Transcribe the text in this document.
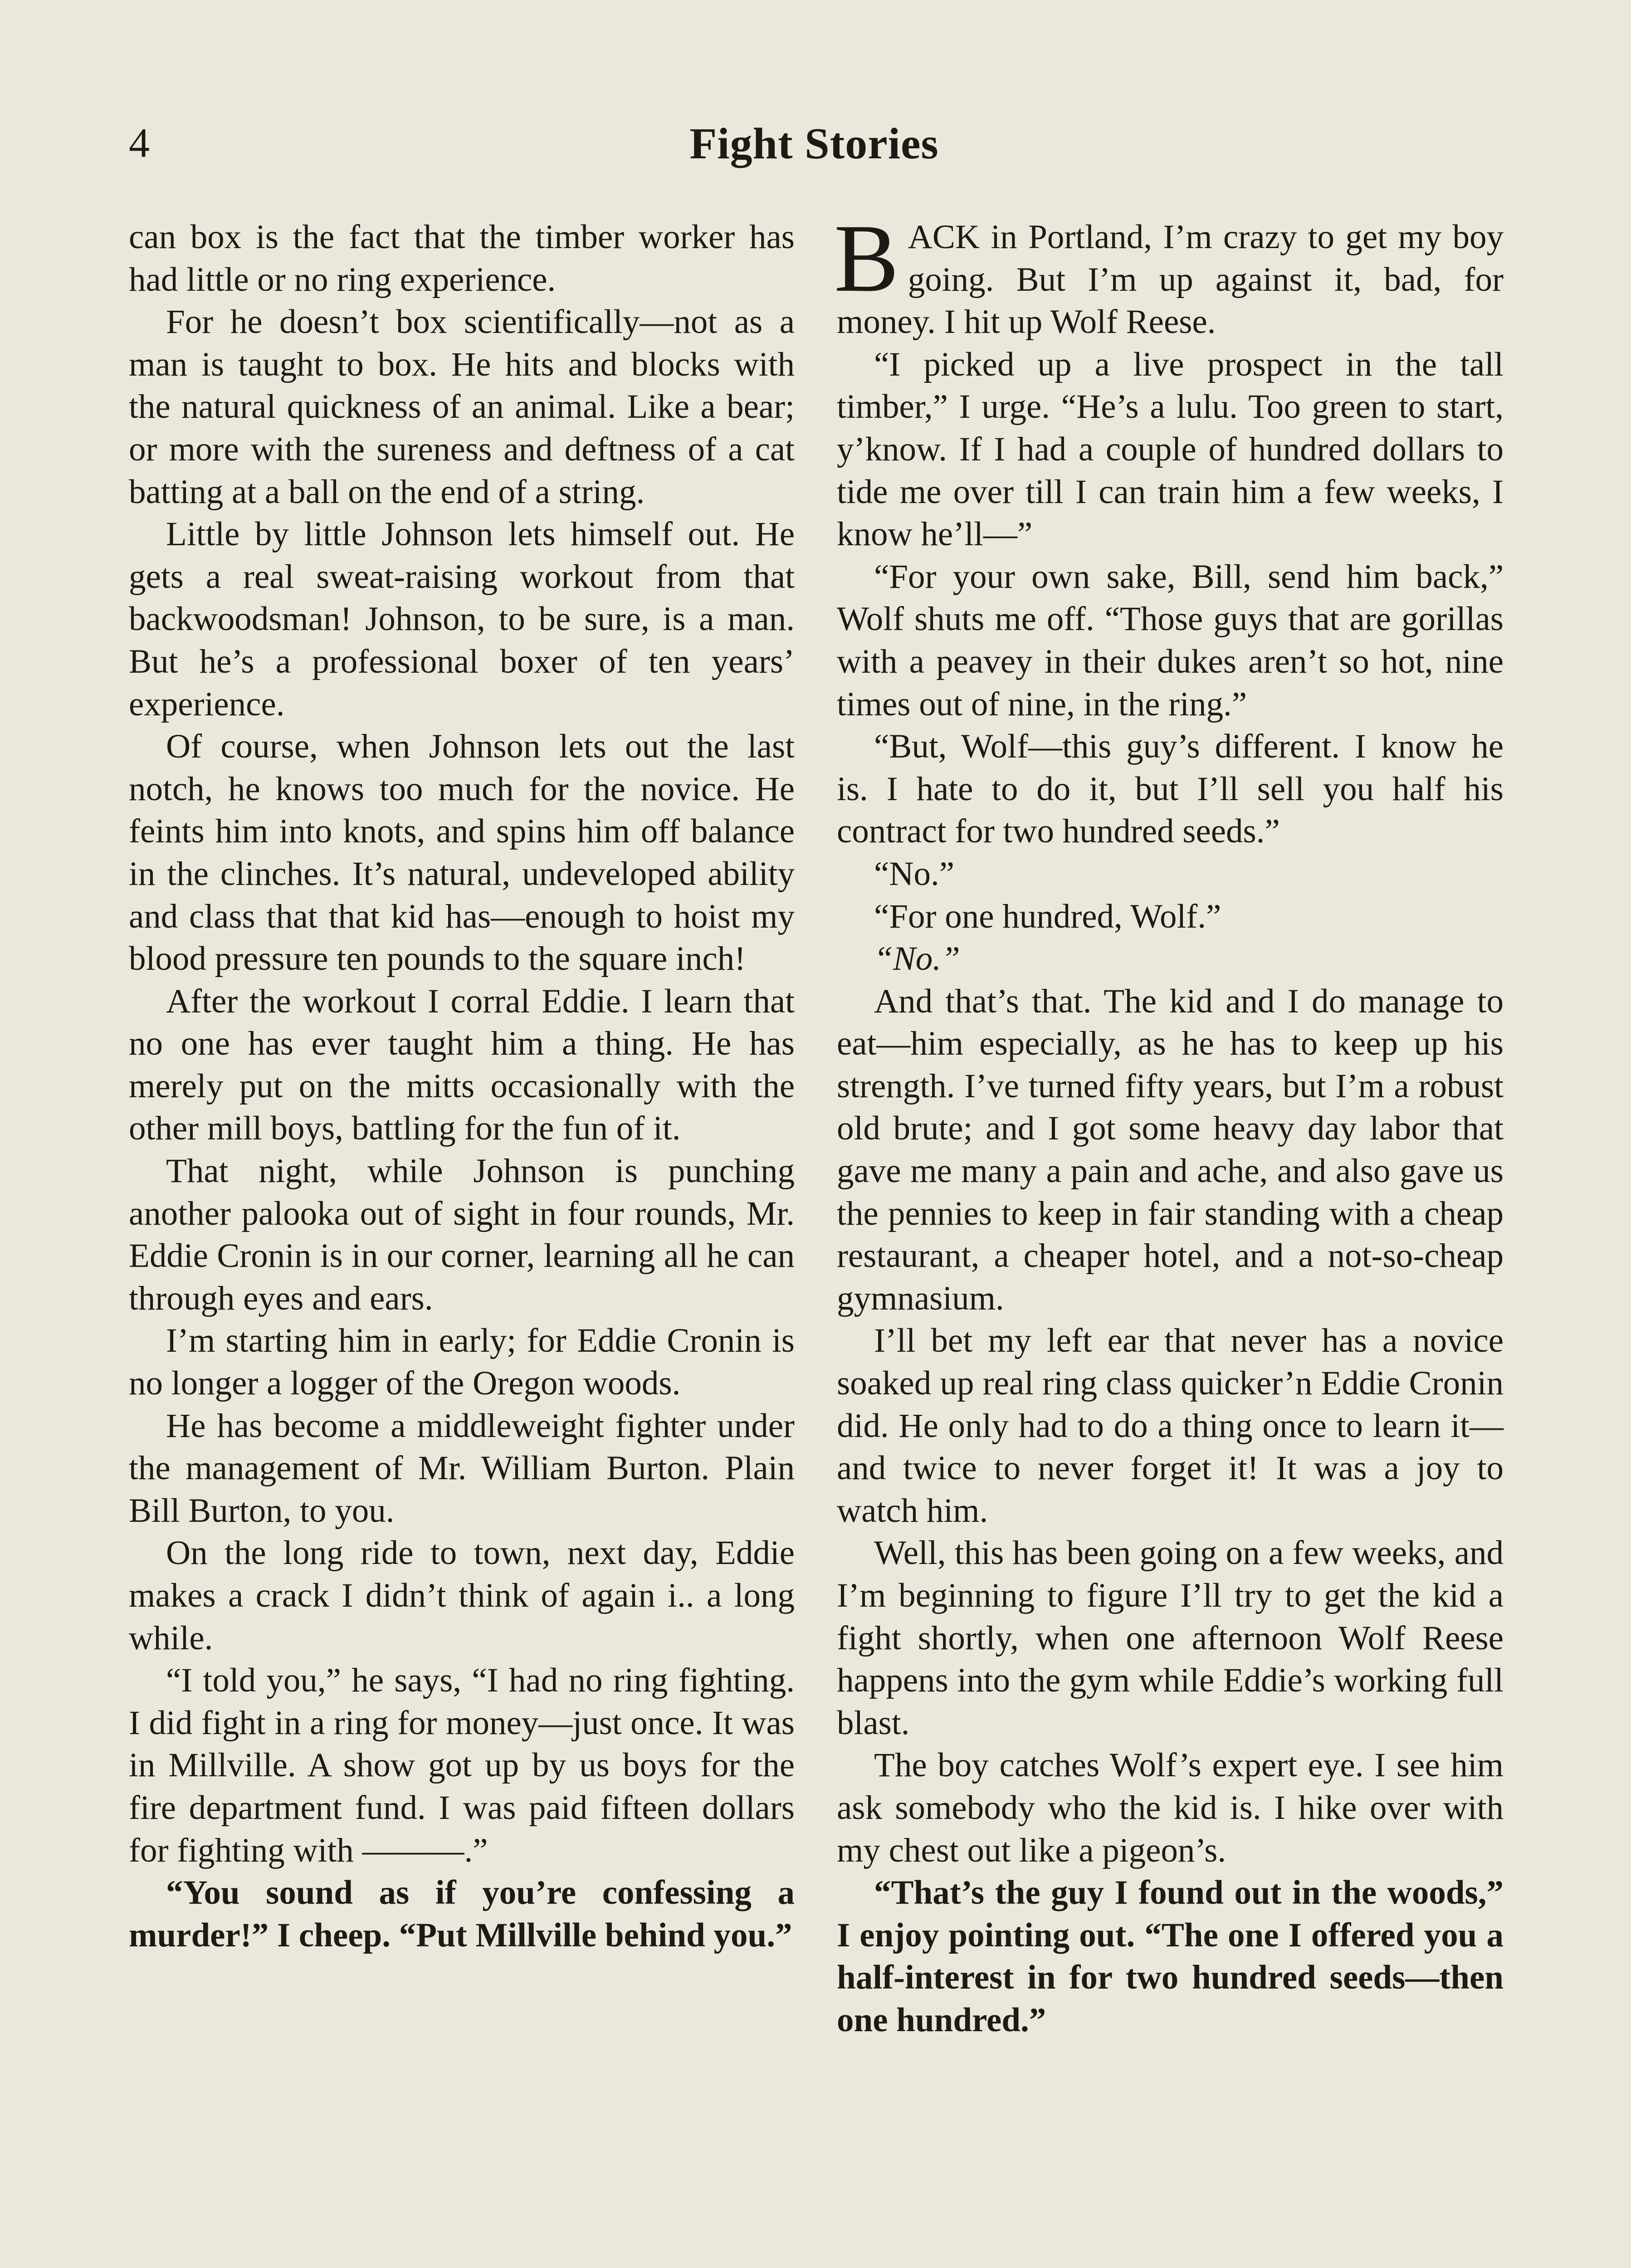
4	Fight Stories

can box is the fact that the timber worker has had little or no ring experience.

For he doesn’t box scientifically—not as a man is taught to box. He hits and blocks with the natural quickness of an animal. Like a bear; or more with the sureness and deftness of a cat batting at a ball on the end of a string.

Little by little Johnson lets himself out. He gets a real sweat-raising workout from that backwoodsman! Johnson, to be sure, is a man. But he’s a professional boxer of ten years’ experience.

Of course, when Johnson lets out the last notch, he knows too much for the novice. He feints him into knots, and spins him off balance in the clinches. It’s natural, undeveloped ability and class that that kid has—enough to hoist my blood pressure ten pounds to the square inch!

After the workout I corral Eddie. I learn that no one has ever taught him a thing. He has merely put on the mitts occasionally with the other mill boys, battling for the fun of it.

That night, while Johnson is punching another palooka out of sight in four rounds, Mr. Eddie Cronin is in our corner, learning all he can through eyes and ears.

I’m starting him in early; for Eddie Cronin is no longer a logger of the Oregon woods.

He has become a middleweight fighter under the management of Mr. William Burton. Plain Bill Burton, to you.

On the long ride to town, next day, Eddie makes a crack I didn’t think of again i.. a long while.

“I told you,” he says, “I had no ring fighting. I did fight in a ring for money—just once. It was in Millville. A show got up by us boys for the fire department fund. I was paid fifteen dollars for fighting with ———.”

“You sound as if you’re confessing a murder!” I cheep. “Put Millville behind you.”

BACK in Portland, I’m crazy to get my boy going. But I’m up against it, bad, for money. I hit up Wolf Reese.

“I picked up a live prospect in the tall timber,” I urge. “He’s a lulu. Too green to start, y’know. If I had a couple of hundred dollars to tide me over till I can train him a few weeks, I know he’ll—”

“For your own sake, Bill, send him back,” Wolf shuts me off. “Those guys that are gorillas with a peavey in their dukes aren’t so hot, nine times out of nine, in the ring.”

“But, Wolf—this guy’s different. I know he is. I hate to do it, but I’ll sell you half his contract for two hundred seeds.”

“No.”

“For one hundred, Wolf.”

“No.”

And that’s that. The kid and I do manage to eat—him especially, as he has to keep up his strength. I’ve turned fifty years, but I’m a robust old brute; and I got some heavy day labor that gave me many a pain and ache, and also gave us the pennies to keep in fair standing with a cheap restaurant, a cheaper hotel, and a not-so-cheap gymnasium.

I’ll bet my left ear that never has a novice soaked up real ring class quicker’n Eddie Cronin did. He only had to do a thing once to learn it—and twice to never forget it! It was a joy to watch him.

Well, this has been going on a few weeks, and I’m beginning to figure I’ll try to get the kid a fight shortly, when one afternoon Wolf Reese happens into the gym while Eddie’s working full blast.

The boy catches Wolf’s expert eye. I see him ask somebody who the kid is. I hike over with my chest out like a pigeon’s.

“That’s the guy I found out in the woods,” I enjoy pointing out. “The one I offered you a half-interest in for two hundred seeds—then one hundred.”
